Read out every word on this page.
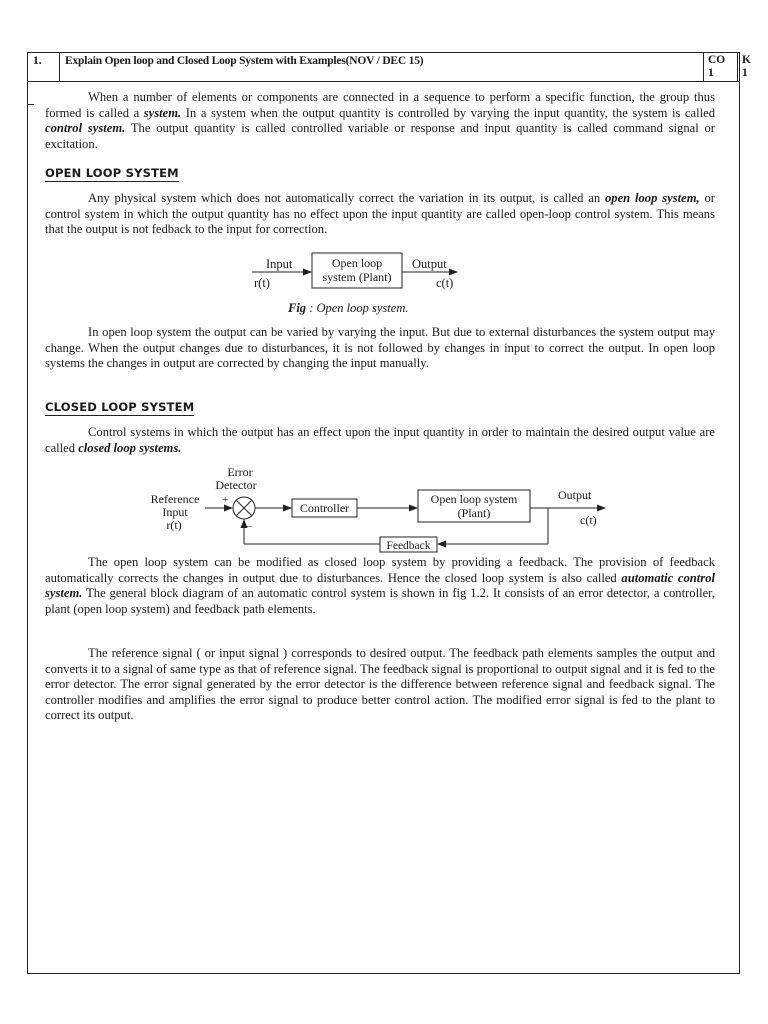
1.	Explain Open loop and Closed Loop System with Examples(NOV / DEC 15)	CO
1
K
1
When a number of elements or components are connected in a sequence to perform a specific function, the group thus formed is called a system. In a system when the output quantity is controlled by varying the input quantity, the system is called control system. The output quantity is called controlled variable or response and input quantity is called command signal or excitation.
OPEN LOOP SYSTEM
Any physical system which does not automatically correct the variation in its output, is called an open loop system, or control system in which the output quantity has no effect upon the input quantity are called open-loop control system. This means that the output is not fedback to the input for correction.
Input
r(t)
Open loop
system (Plant)
Output
c(t)
Fig : Open loop system.
In open loop system the output can be varied by varying the input. But due to external disturbances the system output may change. When the output changes due to disturbances, it is not followed by changes in input to correct the output. In open loop systems the changes in output are corrected by changing the input manually.
CLOSED LOOP SYSTEM
Control systems in which the output has an effect upon the input quantity in order to maintain the desired output value are called closed loop systems.
Error
Detector
Reference
Input
r(t)
+
−
Controller
Open loop system
(Plant)
Output
c(t)
Feedback
The open loop system can be modified as closed loop system by providing a feedback. The provision of feedback automatically corrects the changes in output due to disturbances. Hence the closed loop system is also called automatic control system. The general block diagram of an automatic control system is shown in fig 1.2. It consists of an error detector, a controller, plant (open loop system) and feedback path elements.
The reference signal ( or input signal ) corresponds to desired output. The feedback path elements samples the output and converts it to a signal of same type as that of reference signal. The feedback signal is proportional to output signal and it is fed to the error detector. The error signal generated by the error detector is the difference between reference signal and feedback signal. The controller modifies and amplifies the error signal to produce better control action. The modified error signal is fed to the plant to correct its output.
